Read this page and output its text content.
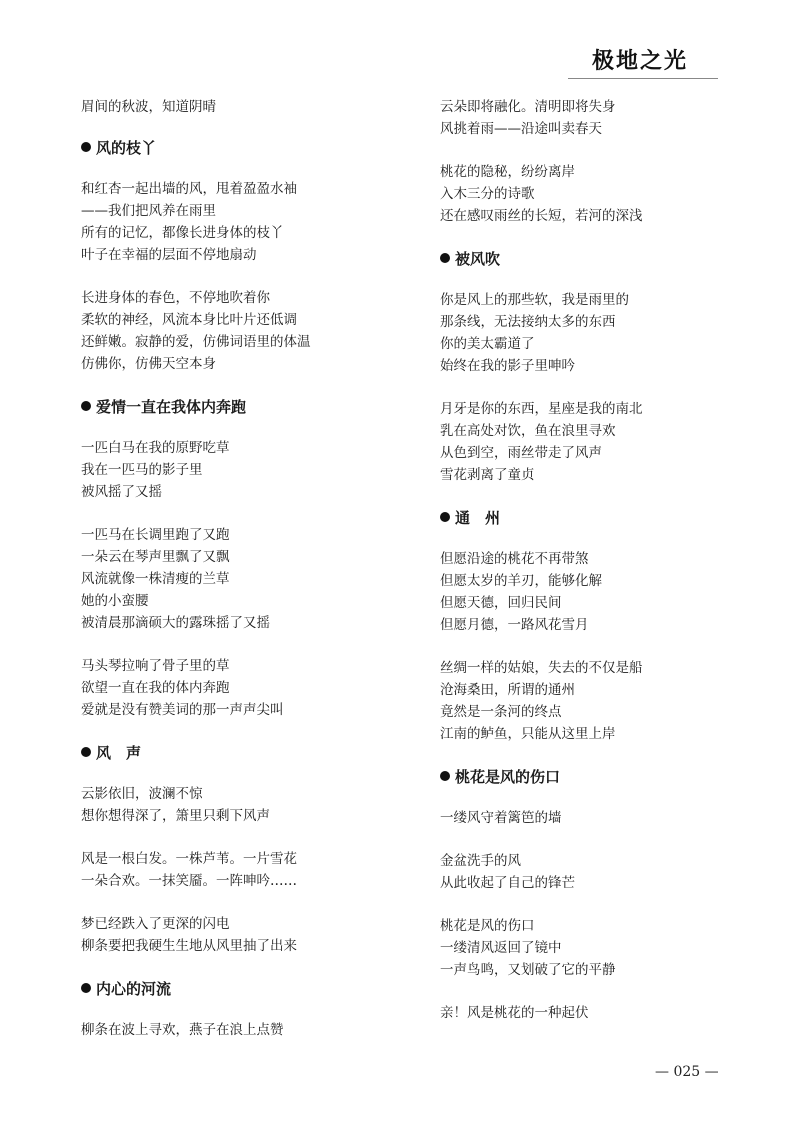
极地之光
眉间的秋波，知道阴晴
风的枝丫
和红杏一起出墙的风，甩着盈盈水袖
——我们把风养在雨里
所有的记忆，都像长进身体的枝丫
叶子在幸福的层面不停地扇动
长进身体的春色，不停地吹着你
柔软的神经，风流本身比叶片还低调
还鲜嫩。寂静的爱，仿佛词语里的体温
仿佛你，仿佛天空本身
爱情一直在我体内奔跑
一匹白马在我的原野吃草
我在一匹马的影子里
被风摇了又摇
一匹马在长调里跑了又跑
一朵云在琴声里飘了又飘
风流就像一株清瘦的兰草
她的小蛮腰
被清晨那滴硕大的露珠摇了又摇
马头琴拉响了骨子里的草
欲望一直在我的体内奔跑
爱就是没有赞美词的那一声声尖叫
风　声
云影依旧，波澜不惊
想你想得深了，箫里只剩下风声
风是一根白发。一株芦苇。一片雪花
一朵合欢。一抹笑靥。一阵呻吟……
梦已经跌入了更深的闪电
柳条要把我硬生生地从风里抽了出来
内心的河流
柳条在波上寻欢，燕子在浪上点赞
云朵即将融化。清明即将失身
风挑着雨——沿途叫卖春天
桃花的隐秘，纷纷离岸
入木三分的诗歌
还在感叹雨丝的长短，若河的深浅
被风吹
你是风上的那些软，我是雨里的
那条线，无法接纳太多的东西
你的美太霸道了
始终在我的影子里呻吟
月牙是你的东西，星座是我的南北
乳在高处对饮，鱼在浪里寻欢
从色到空，雨丝带走了风声
雪花剥离了童贞
通　州
但愿沿途的桃花不再带煞
但愿太岁的羊刃，能够化解
但愿天德，回归民间
但愿月德，一路风花雪月
丝绸一样的姑娘，失去的不仅是船
沧海桑田，所谓的通州
竟然是一条河的终点
江南的鲈鱼，只能从这里上岸
桃花是风的伤口
一缕风守着篱笆的墙
金盆洗手的风
从此收起了自己的锋芒
桃花是风的伤口
一缕清风返回了镜中
一声鸟鸣，又划破了它的平静
亲！风是桃花的一种起伏
— 025 —
